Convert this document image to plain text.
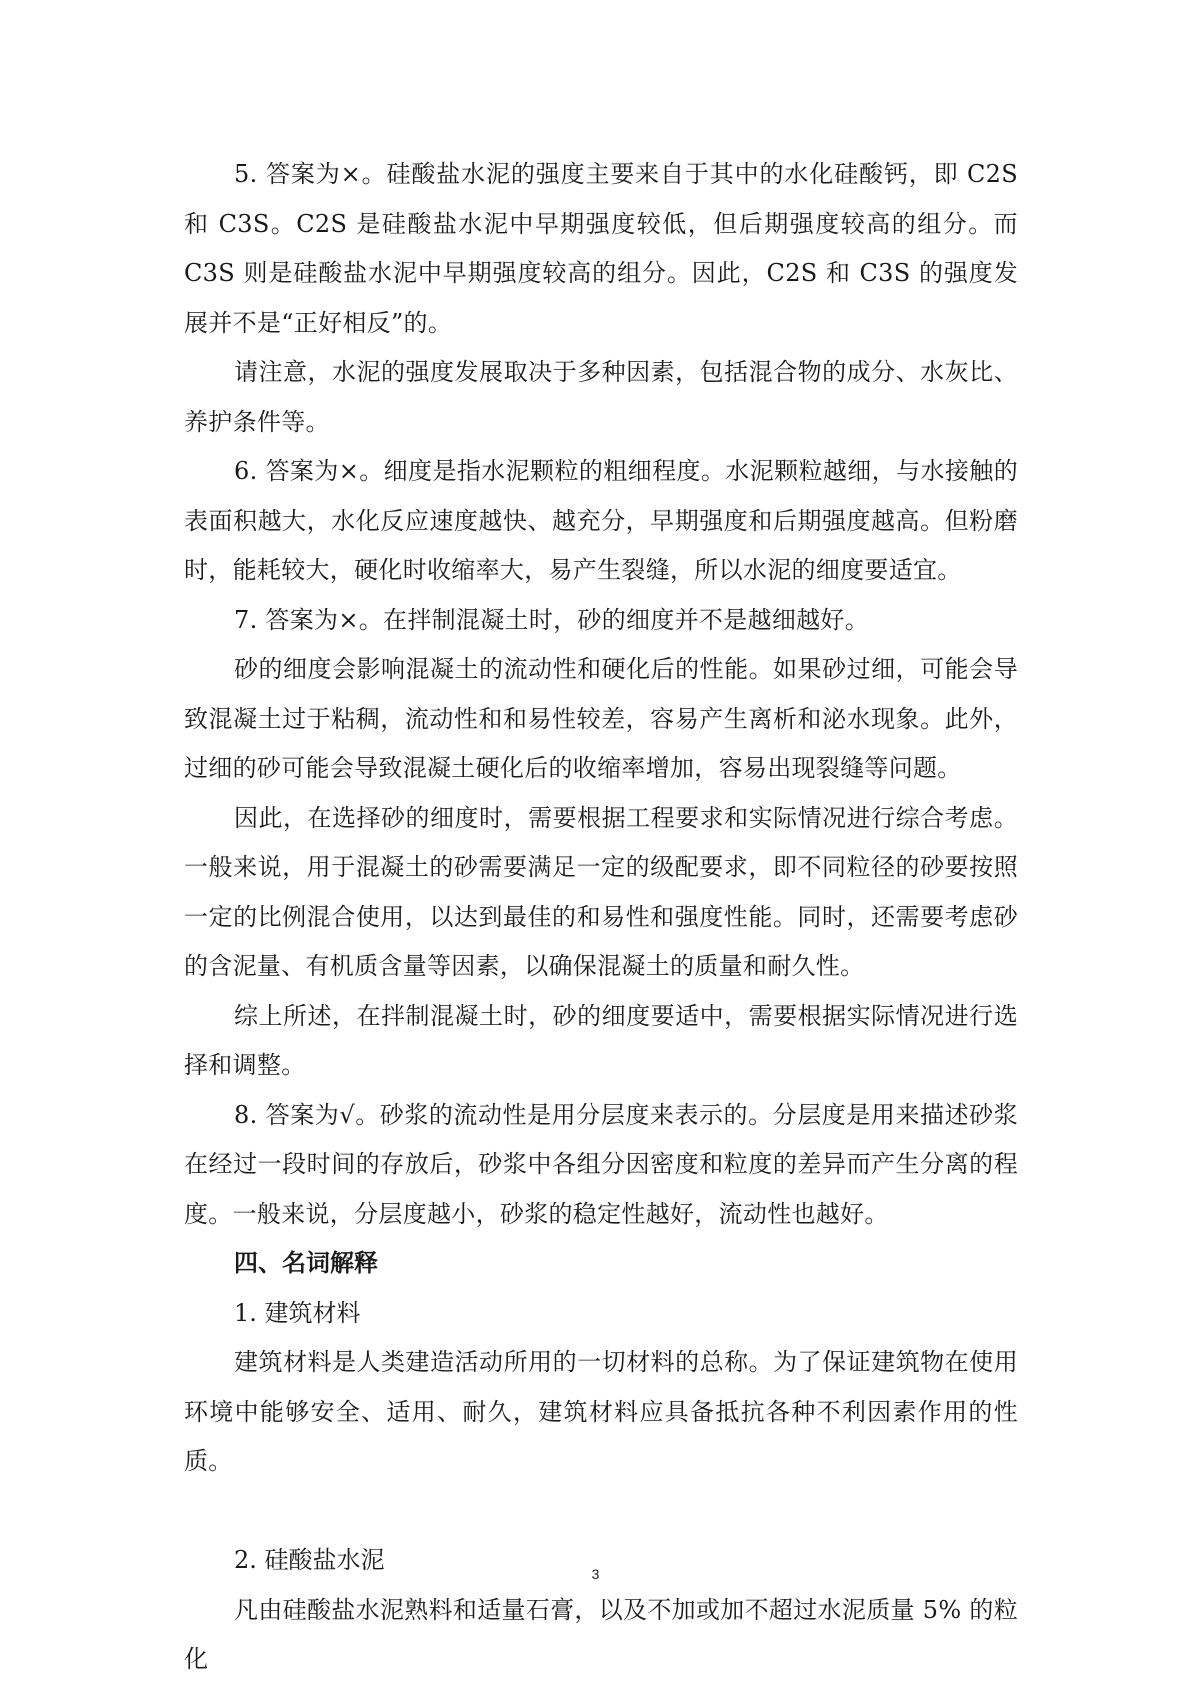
5. 答案为×。硅酸盐水泥的强度主要来自于其中的水化硅酸钙，即 C2S 和 C3S。C2S 是硅酸盐水泥中早期强度较低，但后期强度较高的组分。而 C3S 则是硅酸盐水泥中早期强度较高的组分。因此，C2S 和 C3S 的强度发展并不是“正好相反”的。

请注意，水泥的强度发展取决于多种因素，包括混合物的成分、水灰比、养护条件等。

6. 答案为×。细度是指水泥颗粒的粗细程度。水泥颗粒越细，与水接触的表面积越大，水化反应速度越快、越充分，早期强度和后期强度越高。但粉磨时，能耗较大，硬化时收缩率大，易产生裂缝，所以水泥的细度要适宜。

7. 答案为×。在拌制混凝土时，砂的细度并不是越细越好。

砂的细度会影响混凝土的流动性和硬化后的性能。如果砂过细，可能会导致混凝土过于粘稠，流动性和和易性较差，容易产生离析和泌水现象。此外，过细的砂可能会导致混凝土硬化后的收缩率增加，容易出现裂缝等问题。

因此，在选择砂的细度时，需要根据工程要求和实际情况进行综合考虑。一般来说，用于混凝土的砂需要满足一定的级配要求，即不同粒径的砂要按照一定的比例混合使用，以达到最佳的和易性和强度性能。同时，还需要考虑砂的含泥量、有机质含量等因素，以确保混凝土的质量和耐久性。

综上所述，在拌制混凝土时，砂的细度要适中，需要根据实际情况进行选择和调整。

8. 答案为√。砂浆的流动性是用分层度来表示的。分层度是用来描述砂浆在经过一段时间的存放后，砂浆中各组分因密度和粒度的差异而产生分离的程度。一般来说，分层度越小，砂浆的稳定性越好，流动性也越好。

四、名词解释

1. 建筑材料

建筑材料是人类建造活动所用的一切材料的总称。为了保证建筑物在使用环境中能够安全、适用、耐久，建筑材料应具备抵抗各种不利因素作用的性质。

2. 硅酸盐水泥

凡由硅酸盐水泥熟料和适量石膏，以及不加或加不超过水泥质量 5% 的粒化

3
